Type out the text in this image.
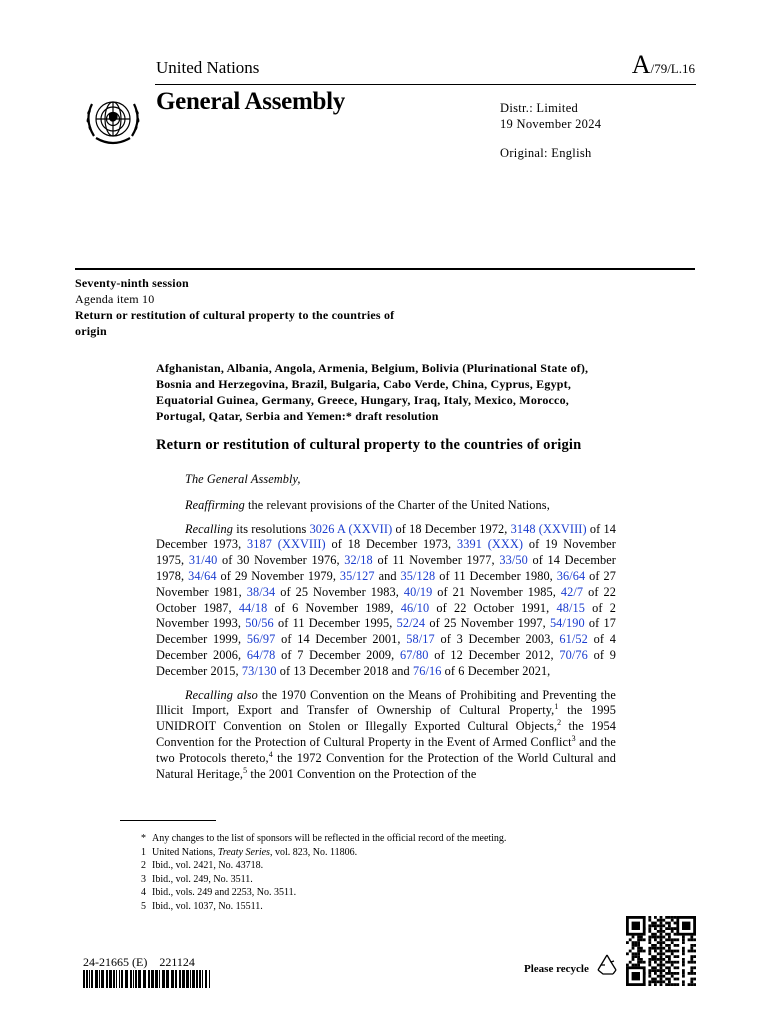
United Nations	A/79/L.16
General Assembly	Distr.: Limited
19 November 2024
Original: English
Seventy-ninth session
Agenda item 10
Return or restitution of cultural property to the countries of origin
Afghanistan, Albania, Angola, Armenia, Belgium, Bolivia (Plurinational State of), Bosnia and Herzegovina, Brazil, Bulgaria, Cabo Verde, China, Cyprus, Egypt, Equatorial Guinea, Germany, Greece, Hungary, Iraq, Italy, Mexico, Morocco, Portugal, Qatar, Serbia and Yemen:* draft resolution
Return or restitution of cultural property to the countries of origin

The General Assembly,

Reaffirming the relevant provisions of the Charter of the United Nations,

Recalling its resolutions 3026 A (XXVII) of 18 December 1972, 3148 (XXVIII) of 14 December 1973, 3187 (XXVIII) of 18 December 1973, 3391 (XXX) of 19 November 1975, 31/40 of 30 November 1976, 32/18 of 11 November 1977, 33/50 of 14 December 1978, 34/64 of 29 November 1979, 35/127 and 35/128 of 11 December 1980, 36/64 of 27 November 1981, 38/34 of 25 November 1983, 40/19 of 21 November 1985, 42/7 of 22 October 1987, 44/18 of 6 November 1989, 46/10 of 22 October 1991, 48/15 of 2 November 1993, 50/56 of 11 December 1995, 52/24 of 25 November 1997, 54/190 of 17 December 1999, 56/97 of 14 December 2001, 58/17 of 3 December 2003, 61/52 of 4 December 2006, 64/78 of 7 December 2009, 67/80 of 12 December 2012, 70/76 of 9 December 2015, 73/130 of 13 December 2018 and 76/16 of 6 December 2021,

Recalling also the 1970 Convention on the Means of Prohibiting and Preventing the Illicit Import, Export and Transfer of Ownership of Cultural Property,$^1$ the 1995 UNIDROIT Convention on Stolen or Illegally Exported Cultural Objects,$^2$ the 1954 Convention for the Protection of Cultural Property in the Event of Armed Conflict$^3$ and the two Protocols thereto,$^4$ the 1972 Convention for the Protection of the World Cultural and Natural Heritage,$^5$ the 2001 Convention on the Protection of the

* Any changes to the list of sponsors will be reflected in the official record of the meeting.
1 United Nations, Treaty Series, vol. 823, No. 11806.
2 Ibid., vol. 2421, No. 43718.
3 Ibid., vol. 249, No. 3511.
4 Ibid., vols. 249 and 2253, No. 3511.
5 Ibid., vol. 1037, No. 15511.
24-21665 (E)    221124	Please recycle
